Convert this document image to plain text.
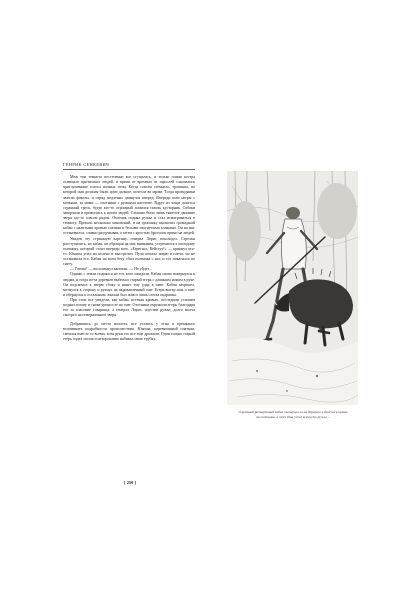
ГЕНРИК СЕНКЕВИЧ

Меж тем темнота постепенно все сгущалась, и только пламя костра освещало притихших людей, и время от времени из зарослей слышались приглушенные голоса ночных птиц. Когда совсем стемнело, тропинка, по которой они должны были идти дальше, исчезла во мраке. Тогда проводники зажгли факелы, и отряд медленно двинулся вперед. Впереди шли негры с копьями, за ними — охотники с ружьями наготове. Вдруг из чащи донесся странный треск, будто кто-то огромный ломился сквозь кустарник. Собаки заворчали и прижались к ногам людей. Слышно было лишь тяжелое дыхание зверя где-то совсем рядом. Охотник поднял ружье и стал всматриваться в темноту. Прошло несколько мгновений, и на тропинку выскочил громадный кабан с налитыми кровью глазами и белыми изогнутыми клыками. Он на миг остановился, словно раздумывая, а затем с яростью бросился прямо на людей.

Увидев эту страшную картину, генерал Лорис похолодел. Стрелки расступились, но кабан, не обращая на них внимания, устремился к молодому охотнику, который стоял впереди всех. «Берегись, Кейстут!» — крикнул кто-то. Юноша упал на колено и выстрелил. Пуля попала зверю в плечо, но не остановила его. Кабан на всем бегу сбил охотника с ног, и тот покатился по снегу.

— Готово! — воскликнул капитан. — Не уйдет...

Однако с земли поднялся не тот, кого ожидали. Кабан снова повернулся к людям, и тогда из-за деревьев выбежал старый егерь с длинным ножом в руке. Он подскочил к зверю сбоку и нанес ему удар в шею. Кабан захрипел, метнулся в сторону и рухнул на окровавленный снег. Егерь вытер нож о снег и обернулся к остальным: юноша был жив и лишь слегка оцарапан.

При этом все увидели, как кабан, истекая кровью, последним усилием поднял голову и снова уронил ее на снег. Охотники окружили егеря, благодаря его за спасение товарища, а генерал Лорис, опустив ружье, долго молча смотрел на поверженного зверя.

Добравшись до места ночлега, все уселись у огня и принялись вспоминать подробности происшествия. Юноша, перевязанный платком, смеялся вместе со всеми, хотя руки его все еще дрожали. Один только старый егерь сидел молча и неторопливо набивал свою трубку.

[ 250 ]
Огромный разъяренный кабан вынырнул из-за деревьев и бросился прямо на охотника, а тот едва успел вскинуть ружье...
